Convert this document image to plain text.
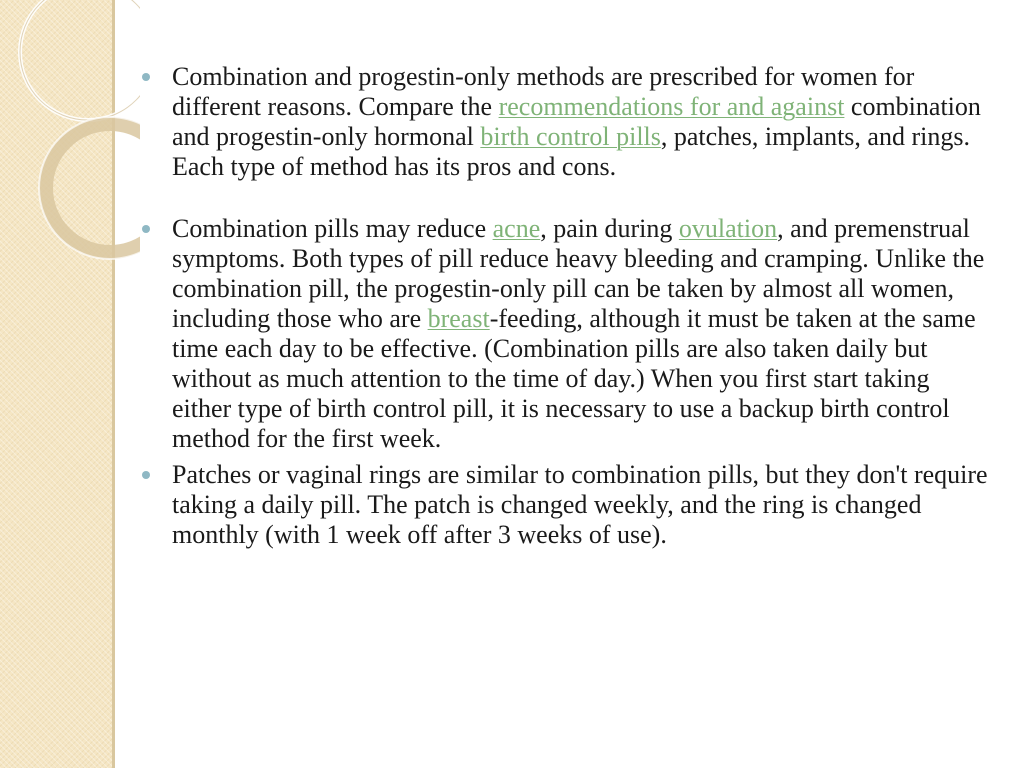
Combination and progestin-only methods are prescribed for women for different reasons. Compare the recommendations for and against combination and progestin-only hormonal birth control pills, patches, implants, and rings. Each type of method has its pros and cons.
Combination pills may reduce acne, pain during ovulation, and premenstrual symptoms. Both types of pill reduce heavy bleeding and cramping. Unlike the combination pill, the progestin-only pill can be taken by almost all women, including those who are breast-feeding, although it must be taken at the same time each day to be effective. (Combination pills are also taken daily but without as much attention to the time of day.) When you first start taking either type of birth control pill, it is necessary to use a backup birth control method for the first week.
Patches or vaginal rings are similar to combination pills, but they don't require taking a daily pill. The patch is changed weekly, and the ring is changed monthly (with 1 week off after 3 weeks of use).
